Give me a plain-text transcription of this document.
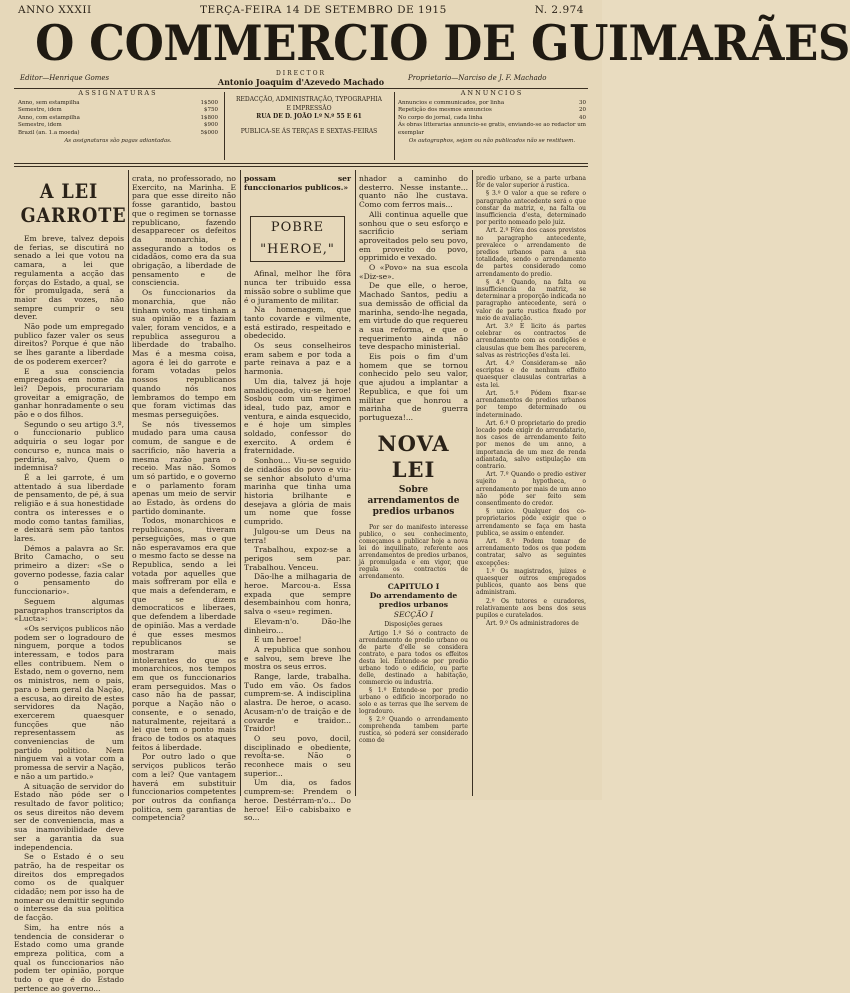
ANNO XXXII	TERÇA-FEIRA 14 DE SETEMBRO DE 1915	N. 2.974
O COMMERCIO DE GUIMARÃES
Editor—Henrique Gomes
DIRECTOR
Antonio Joaquim d'Azevedo Machado	Proprietario—Narciso de J. F. Machado
ASSIGNATURAS
Anno, sem estampilha	1$500
Semestre, idem	$750
Anno, com estampilha	1$800
Semestre, idem	$900
Brazil (an. 1.a moeda)	5$000
As assignaturas são pagas adiantadas.
REDACÇÃO, ADMINISTRAÇÃO, TYPOGRAPHIA
E IMPRESSÃO
RUA DE D. JOÃO I.º N.º 55 E 61
PUBLICA-SE ÁS TERÇAS E SEXTAS-FEIRAS
ANNUNCIOS
Annuncios e communicados, por linha	30
Repetição dos mesmos annuncios	20
No corpo do jornal, cada linha	40
Ás obras litterarias annuncio-se gratis, enviando-se ao redactor um exemplar
Os autographos, sejam ou não publicados não se restituem.
A LEI GARROTE

Em breve, talvez depois de ferias, se discutirá no senado a lei que votou na camara, a lei que regulamenta a acção das forças do Estado, a qual, se fôr promulgada, será a maior das vozes, não sempre cumprir o seu dever.

Não pode um empregado publico fazer valer os seus direitos? Porque é que não se lhes garante a liberdade de os poderem exercer?

E a sua consciencia empregados em nome da lei? Depois, procurariam groveitar a emigração, de ganhar honradamente o seu pão e o dos filhos.

Segundo o seu artigo 3.º, o funccionario publico adquiria o seu logar por concurso e, nunca mais o perdiria, salvo, Quem o indemnisa?

É a lei garrote, é um attentado á sua liberdade de pensamento, de pé, á sua religião e á sua honestidade contra os interesses e o modo como tantas familias, e deixará sem pão tantos lares.

Démos a palavra ao Sr. Brito Camacho, o seu primeiro a dizer: «Se o governo podesse, fazia calar o pensamento do funccionario».

Seguem algumas paragraphos transcriptos da «Lucta»:

«Os serviços publicos não podem ser o logradouro de ninguem, porque a todos interessam, e todos para elles contribuem. Nem o Estado, nem o governo, nem os ministros, nem o pais, para o bem geral da Nação, a escusa, ao direito de estes servidores da Nação, exercerem quaesquer funcções que não representassem as conveniencias de um partido politico. Nem ninguem vai a votar com a promessa de servir a Nação, e não a um partido.»

A situação de servidor do Estado não póde ser o resultado de favor politico; os seus direitos não devem ser de conveniencia, mas a sua inamovibilidade deve ser a garantia da sua independencia.

Se o Estado é o seu patrão, ha de respeitar os direitos dos empregados como os de qualquer cidadão; nem por isso ha de nomear ou demittir segundo o interesse da sua politica de facção.

Sim, ha entre nós a tendencia de considerar o Estado como uma grande empreza politica, com a qual os funccionarios não podem ter opinião, porque tudo o que é do Estado pertence ao governo...

crata, no professorado, no Exercito, na Marinha. E para que esse direito não fosse garantido, bastou que o regimen se tornasse republicano, fazendo desapparecer os defeitos da monarchia, e assegurando a todos os cidadãos, como era da sua obrigação, a liberdade de pensamento e de consciencia.

Os funccionarios da monarchia, que não tinham voto, mas tinham a sua opinião e a faziam valer, foram vencidos, e a republica assegurou a liberdade do trabalho. Mas é a mesma coisa, agora é lei do garrote e foram votadas pelos nossos republicanos quando nós nos lembramos do tempo em que foram victimas das mesmas perseguições.

Se nós tivessemos mudado para uma causa comum, de sangue e de sacrificio, não haveria a mesma razão para o receio. Mas não. Somos um só partido, e o governo e o parlamento foram apenas um meio de servir ao Estado, às ordens do partido dominante.

Todos, monarchicos e republicanos, tiveram perseguições, mas o que não esperavamos era que o mesmo facto se desse na Republica, sendo a lei votada por aquelles que mais soffreram por ella e que mais a defenderam, e que se dizem democraticos e liberaes, que defendem a liberdade de opinião. Mas a verdade é que esses mesmos republicanos se mostraram mais intolerantes do que os monarchicos, nos tempos em que os funccionarios eram perseguidos. Mas o caso não ha de passar, porque a Nação não o consente, e o senado, naturalmente, rejeitará a lei que tem o ponto mais fraco de todos os ataques feitos á liberdade.

Por outro lado o que serviços publicos terão com a lei? Que vantagem haverá em substituir funccionarios competentes por outros da confiança politica, sem garantias de competencia?

possam ser funccionarios publicos.»

POBRE "HEROE,"

Afinal, melhor lhe fôra nunca ter tribuido essa missão sobre o sublime que é o juramento de militar.

Na homenagem, que tanto covarde e vilmente, está estirado, respeitado e obedecido.

Os seus conselheiros eram sabem e por toda a parte reinava a paz e a harmonia.

Um dia, talvez já hoje amaldiçoado, viu-se heroe! Sosbou com um regimen ideal, tudo paz, amor e ventura, e ainda esquecido, e é hoje um simples soldado, confessor do exercito. A ordem é fraternidade.

Sonhou... Viu-se seguido de cidadãos do povo e viu-se senhor absoluto d'uma marinha que tinha uma historia brilhante e desejava a glória de mais um nome que fosse cumprido.

Julgou-se um Deus na terra!

Trabalhou, expoz-se a perigos sem par. Trabalhou. Venceu.

Dão-lhe a milhagaria de heroe. Marcou-a. Essa expada que sempre desembainhou com honra, salva o «seu» regimen.

Elevam-n'o. Dão-lhe dinheiro...

E um heroe!

A republica que sonhou e salvou, sem breve lhe mostra os seus erros.

Range, larde, trabalha. Tudo em vão. Os fados cumprem-se. A indisciplina alastra. De heroe, o acaso. Acusam-n'o de traição e de covarde e traidor... Traidor!

O seu povo, docil, disciplinado e obediente, revolta-se. Não o reconhece mais o seu superior...

Um dia, os fados cumprem-se: Prendem o heroe. Destérram-n'o... Do heroe! Eil-o cabisbaixo e so...

nhador a caminho do desterro. Nesse instante... quanto não lhe custava. Como com ferros mais...

Alli continua aquelle que sonhou que o seu esforço e sacrificio seriam aproveitados pelo seu povo, em proveito do povo, opprimido e vexado.

O «Povo» na sua escola «Diz-se».

De que elle, o heroe, Machado Santos, pediu a sua demissão de official da marinha, sendo-lhe negada, em virtude do que requereu a sua reforma, e que o requerimento ainda não teve despacho ministerial.

Eis pois o fim d'um homem que se tornou conhecido pelo seu valor, que ajudou a implantar a Republica, e que foi um militar que honrou a marinha de guerra portugueza!...

NOVA LEI
Sobre arrendamentos de predios urbanos

Por ser do manifesto interesse publico, o seu conhecimento, começamos a publicar hoje a nova lei do inquilinato, referente aos arrendamentos de predios urbanos, já promulgada e em vigor, que regula os contractos de arrendamento.

CAPITULO I

Do arrendamento de predios urbanos

SECÇÃO I

Disposições geraes

Artigo 1.º Só o contracto de arrendamento de predio urbano ou de parte d'elle se considera contrato, e para todos os effeitos desta lei. Entende-se por predio urbano todo o edificio, ou parte delle, destinado a habitação, commercio ou industria.

§ 1.º Entende-se por predio urbano o edificio incorporado no solo e as terras que lhe servem de logradouro.

§ 2.º Quando o arrendamento comprehenda tambem parte rustica, só poderá ser considerado como de

predio urbano, se a parte urbana fôr de valor superior á rustica.

§ 3.º O valor a que se refere o paragrapho antecedente será o que constar da matriz, e, na falta ou insufficiencia d'esta, determinado por perito nomeado pelo juiz.

Art. 2.º Fóra dos casos previstos no paragrapho antecedente, prevalece o arrendamento de predios urbanos para a sua totalidade, sendo o arrendamento de partes considerado como arrendamento do predio.

§ 4.º Quando, na falta ou insufficiencia da matriz, se determinar a proporção indicada no paragrapho antecedente, será o valor de parte rustica fixado por meio de avaliação.

Art. 3.º E licito ás partes celebrar os contractos de arrendamento com as condições e clausulas que bem lhes parecerem, salvas as restricções d'esta lei.

Art. 4.º Consideram-se não escriptas e de nenhum effeito quaesquer clausulas contrarias a esta lei.

Art. 5.º Pódem fixar-se arrendamentos de predios urbanos por tempo determinado ou indeterminado.

Art. 6.º O proprietario do predio locado pode exigir do arrendatario, nos casos de arrendamento feito por menos de um anno, a importancia de um mez de renda adiantada, salvo estipulação em contrario.

Art. 7.º Quando o predio estiver sujeito a hypotheca, o arrendamento por mais de um anno não póde ser feito sem consentimento do credor.

§ unico. Qualquer dos co-proprietarios póde exigir que o arrendamento se faça em hasta publica, se assim o entender.

Art. 8.º Podem tomar de arrendamento todos os que podem contratar, salvo as seguintes excepções:

1.º Os magistrados, juizes e quaesquer outros empregados publicos, quanto aos bens que administram.

2.º Os tutores e curadores, relativamente aos bens dos seus pupilos e curatelados.

Art. 9.º Os administradores de
